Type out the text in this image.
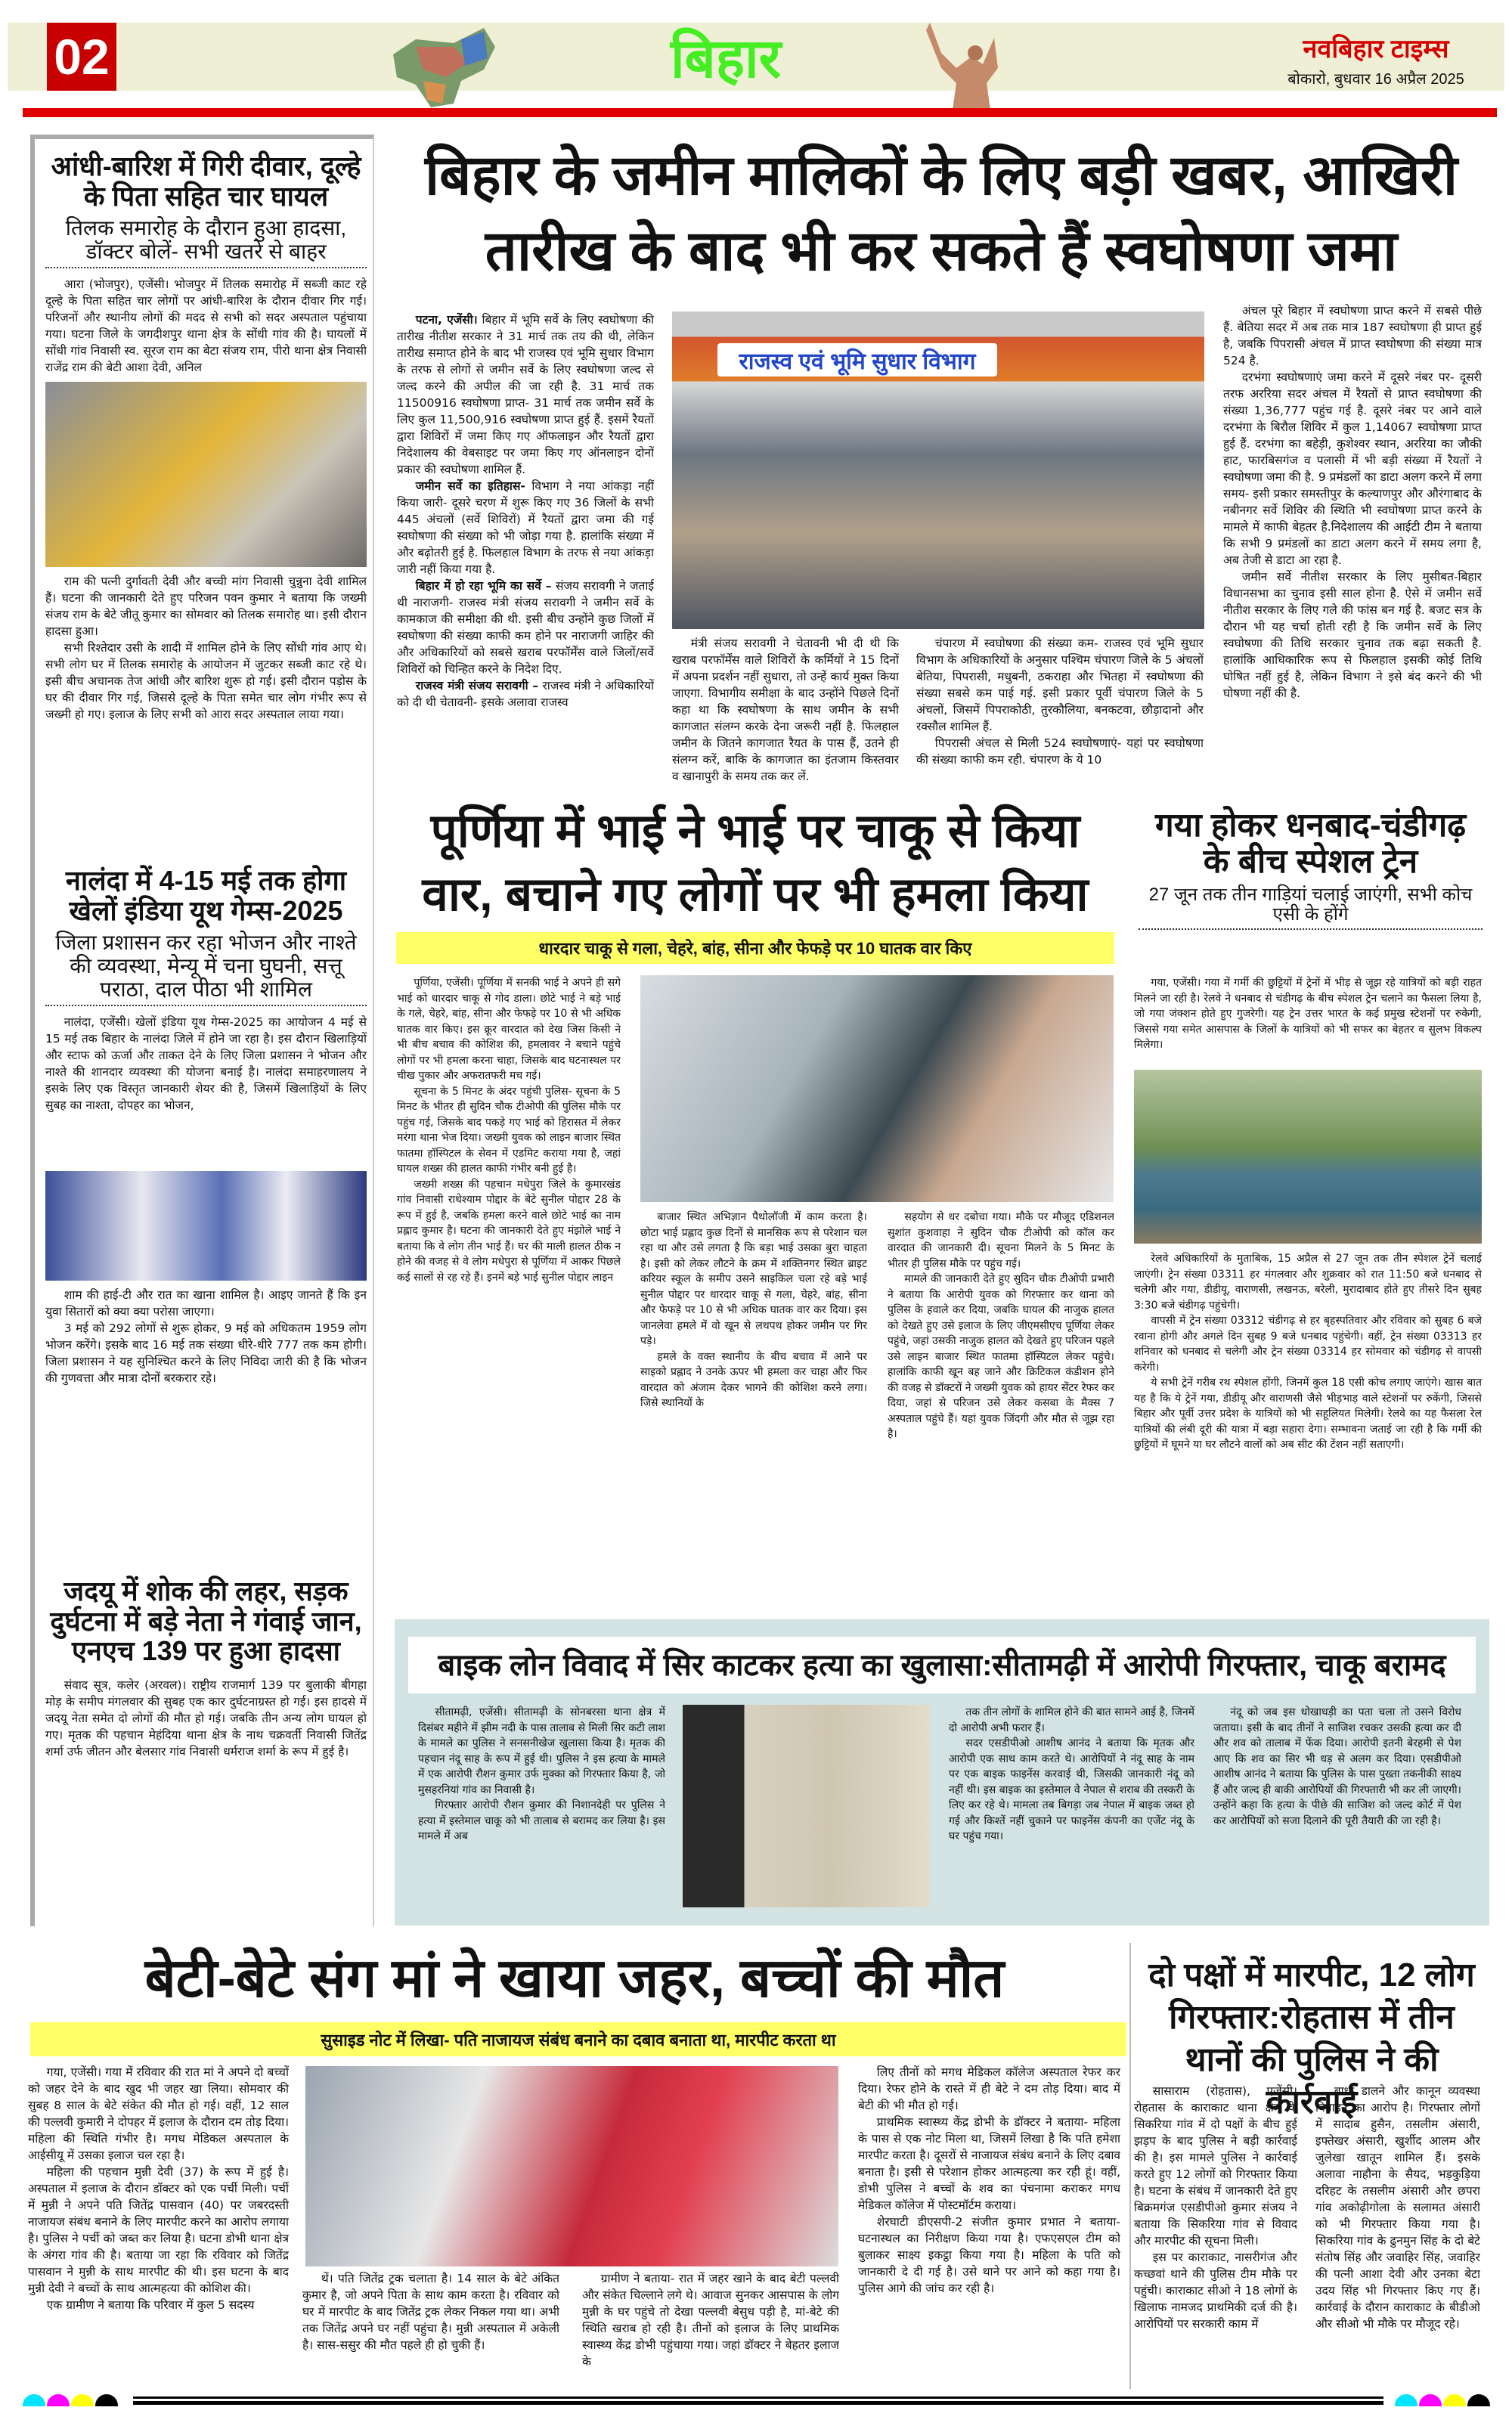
02	बिहार	नवबिहार टाइम्स
बोकारो, बुधवार 16 अप्रैल 2025
आंधी-बारिश में गिरी दीवार, दूल्हे के पिता सहित चार घायल
तिलक समारोह के दौरान हुआ हादसा, डॉक्टर बोलें- सभी खतरे से बाहर

आरा (भोजपुर), एजेंसी। भोजपुर में तिलक समारोह में सब्जी काट रहे दूल्हे के पिता सहित चार लोगों पर आंधी-बारिश के दौरान दीवार गिर गई। परिजनों और स्थानीय लोगों की मदद से सभी को सदर अस्पताल पहुंचाया गया। घटना जिले के जगदीशपुर थाना क्षेत्र के सोंधी गांव की है। घायलों में सोंधी गांव निवासी स्व. सूरज राम का बेटा संजय राम, पीरो थाना क्षेत्र निवासी राजेंद्र राम की बेटी आशा देवी, अनिल

राम की पत्नी दुर्गावती देवी और बच्ची मांग निवासी चुन्नुना देवी शामिल हैं। घटना की जानकारी देते हुए परिजन पवन कुमार ने बताया कि जख्मी संजय राम के बेटे जीतू कुमार का सोमवार को तिलक समारोह था। इसी दौरान हादसा हुआ।

सभी रिश्तेदार उसी के शादी में शामिल होने के लिए सोंधी गांव आए थे। सभी लोग घर में तिलक समारोह के आयोजन में जुटकर सब्जी काट रहे थे। इसी बीच अचानक तेज आंधी और बारिश शुरू हो गई। इसी दौरान पड़ोस के घर की दीवार गिर गई, जिससे दूल्हे के पिता समेत चार लोग गंभीर रूप से जख्मी हो गए। इलाज के लिए सभी को आरा सदर अस्पताल लाया गया।

नालंदा में 4-15 मई तक होगा खेलों इंडिया यूथ गेम्स-2025
जिला प्रशासन कर रहा भोजन और नाश्ते की व्यवस्था, मेन्यू में चना घुघनी, सत्तू पराठा, दाल पीठा भी शामिल

नालंदा, एजेंसी। खेलों इंडिया यूथ गेम्स-2025 का आयोजन 4 मई से 15 मई तक बिहार के नालंदा जिले में होने जा रहा है। इस दौरान खिलाड़ियों और स्टाफ को ऊर्जा और ताकत देने के लिए जिला प्रशासन ने भोजन और नाश्ते की शानदार व्यवस्था की योजना बनाई है। नालंदा समाहरणालय ने इसके लिए एक विस्तृत जानकारी शेयर की है, जिसमें खिलाड़ियों के लिए सुबह का नाश्ता, दोपहर का भोजन,

शाम की हाई-टी और रात का खाना शामिल है। आइए जानते हैं कि इन युवा सितारों को क्या क्या परोसा जाएगा।

3 मई को 292 लोगों से शुरू होकर, 9 मई को अधिकतम 1959 लोग भोजन करेंगे। इसके बाद 16 मई तक संख्या धीरे-धीरे 777 तक कम होगी। जिला प्रशासन ने यह सुनिश्चित करने के लिए निविदा जारी की है कि भोजन की गुणवत्ता और मात्रा दोनों बरकरार रहे।

जदयू में शोक की लहर, सड़क दुर्घटना में बड़े नेता ने गंवाई जान, एनएच 139 पर हुआ हादसा

संवाद सूत्र, कलेर (अरवल)। राष्ट्रीय राजमार्ग 139 पर बुलाकी बीगहा मोड़ के समीप मंगलवार की सुबह एक कार दुर्घटनाग्रस्त हो गई। इस हादसे में जदयू नेता समेत दो लोगों की मौत हो गई। जबकि तीन अन्य लोग घायल हो गए। मृतक की पहचान मेहंदिया थाना क्षेत्र के नाथ चक्रवर्ती निवासी जितेंद्र शर्मा उर्फ जीतन और बेलसार गांव निवासी धर्मराज शर्मा के रूप में हुई है।

बिहार के जमीन मालिकों के लिए बड़ी खबर, आखिरी तारीख के बाद भी कर सकते हैं स्वघोषणा जमा

पटना, एजेंसी। बिहार में भूमि सर्वे के लिए स्वघोषणा की तारीख नीतीश सरकार ने 31 मार्च तक तय की थी, लेकिन तारीख समाप्त होने के बाद भी राजस्व एवं भूमि सुधार विभाग के तरफ से लोगों से जमीन सर्वे के लिए स्वघोषणा जल्द से जल्द करने की अपील की जा रही है. 31 मार्च तक 11500916 स्वघोषणा प्राप्त- 31 मार्च तक जमीन सर्वे के लिए कुल 11,500,916 स्वघोषणा प्राप्त हुई हैं. इसमें रैयतों द्वारा शिविरों में जमा किए गए ऑफलाइन और रैयतों द्वारा निदेशालय की वेबसाइट पर जमा किए गए ऑनलाइन दोनों प्रकार की स्वघोषणा शामिल हैं.

जमीन सर्वे का इतिहास- विभाग ने नया आंकड़ा नहीं किया जारी- दूसरे चरण में शुरू किए गए 36 जिलों के सभी 445 अंचलों (सर्वे शिविरों) में रैयतों द्वारा जमा की गई स्वघोषणा की संख्या को भी जोड़ा गया है. हालांकि संख्या में और बढ़ोतरी हुई है. फिलहाल विभाग के तरफ से नया आंकड़ा जारी नहीं किया गया है.

बिहार में हो रहा भूमि का सर्वे – संजय सरावगी ने जताई थी नाराजगी- राजस्व मंत्री संजय सरावगी ने जमीन सर्वे के कामकाज की समीक्षा की थी. इसी बीच उन्होंने कुछ जिलों में स्वघोषणा की संख्या काफी कम होने पर नाराजगी जाहिर की और अधिकारियों को सबसे खराब परफॉर्मेंस वाले जिलों/सर्वे शिविरों को चिन्हित करने के निदेश दिए.

राजस्व मंत्री संजय सरावगी – राजस्व मंत्री ने अधिकारियों को दी थी चेतावनी- इसके अलावा राजस्व

राजस्व एवं भूमि सुधार विभाग

मंत्री संजय सरावगी ने चेतावनी भी दी थी कि खराब परफॉर्मेंस वाले शिविरों के कर्मियों ने 15 दिनों में अपना प्रदर्शन नहीं सुधारा, तो उन्हें कार्य मुक्त किया जाएगा. विभागीय समीक्षा के बाद उन्होंने पिछले दिनों कहा था कि स्वघोषणा के साथ जमीन के सभी कागजात संलग्न करके देना जरूरी नहीं है. फिलहाल जमीन के जितने कागजात रैयत के पास हैं, उतने ही संलग्न करें, बाकि के कागजात का इंतजाम किस्तवार व खानापुरी के समय तक कर लें.

चंपारण में स्वघोषणा की संख्या कम- राजस्व एवं भूमि सुधार विभाग के अधिकारियों के अनुसार पश्चिम चंपारण जिले के 5 अंचलों बेतिया, पिपरासी, मधुबनी, ठकराहा और भितहा में स्वघोषणा की संख्या सबसे कम पाई गई. इसी प्रकार पूर्वी चंपारण जिले के 5 अंचलों, जिसमें पिपराकोठी, तुरकौलिया, बनकटवा, छौड़ादानो और रक्सौल शामिल हैं.

पिपरासी अंचल से मिली 524 स्वघोषणाएं- यहां पर स्वघोषणा की संख्या काफी कम रही. चंपारण के ये 10

अंचल पूरे बिहार में स्वघोषणा प्राप्त करने में सबसे पीछे हैं. बेतिया सदर में अब तक मात्र 187 स्वघोषणा ही प्राप्त हुई है, जबकि पिपरासी अंचल में प्राप्त स्वघोषणा की संख्या मात्र 524 है.

दरभंगा स्वघोषणाएं जमा करने में दूसरे नंबर पर- दूसरी तरफ अररिया सदर अंचल में रैयतों से प्राप्त स्वघोषणा की संख्या 1,36,777 पहुंच गई है. दूसरे नंबर पर आने वाले दरभंगा के बिरौल शिविर में कुल 1,14067 स्वघोषणा प्राप्त हुई हैं. दरभंगा का बहेड़ी, कुशेश्वर स्थान, अररिया का जौकी हाट, फारबिसगंज व पलासी में भी बड़ी संख्या में रैयतों ने स्वघोषणा जमा की है. 9 प्रमंडलों का डाटा अलग करने में लगा समय- इसी प्रकार समस्तीपुर के कल्याणपुर और औरंगाबाद के नबीनगर सर्वे शिविर की स्थिति भी स्वघोषणा प्राप्त करने के मामले में काफी बेहतर है.निदेशालय की आईटी टीम ने बताया कि सभी 9 प्रमंडलों का डाटा अलग करने में समय लगा है, अब तेजी से डाटा आ रहा है.

जमीन सर्वे नीतीश सरकार के लिए मुसीबत-बिहार विधानसभा का चुनाव इसी साल होना है. ऐसे में जमीन सर्वे नीतीश सरकार के लिए गले की फांस बन गई है. बजट सत्र के दौरान भी यह चर्चा होती रही है कि जमीन सर्वे के लिए स्वघोषणा की तिथि सरकार चुनाव तक बढ़ा सकती है. हालांकि आधिकारिक रूप से फिलहाल इसकी कोई तिथि घोषित नहीं हुई है, लेकिन विभाग ने इसे बंद करने की भी घोषणा नहीं की है.

पूर्णिया में भाई ने भाई पर चाकू से किया वार, बचाने गए लोगों पर भी हमला किया
धारदार चाकू से गला, चेहरे, बांह, सीना और फेफड़े पर 10 घातक वार किए

पूर्णिया, एजेंसी। पूर्णिया में सनकी भाई ने अपने ही सगे भाई को धारदार चाकू से गोद डाला। छोटे भाई ने बड़े भाई के गले, चेहरे, बांह, सीना और फेफड़े पर 10 से भी अधिक घातक वार किए। इस क्रूर वारदात को देख जिस किसी ने भी बीच बचाव की कोशिश की, हमलावर ने बचाने पहुंचे लोगों पर भी हमला करना चाहा, जिसके बाद घटनास्थल पर चीख पुकार और अफरातफरी मच गई।

सूचना के 5 मिनट के अंदर पहुंची पुलिस- सूचना के 5 मिनट के भीतर ही सुदिन चौक टीओपी की पुलिस मौके पर पहुंच गई, जिसके बाद पकड़े गए भाई को हिरासत में लेकर मरंगा थाना भेज दिया। जख्मी युवक को लाइन बाजार स्थित फातमा हॉस्पिटल के सेवन में एडमिट कराया गया है, जहां घायल शख्स की हालत काफी गंभीर बनी हुई है।

जख्मी शख्स की पहचान मधेपुरा जिले के कुमारखंड गांव निवासी राधेश्याम पोद्दार के बेटे सुनील पोद्दार 28 के रूप में हुई है, जबकि हमला करने वाले छोटे भाई का नाम प्रह्लाद कुमार है। घटना की जानकारी देते हुए मंझोले भाई ने बताया कि वे लोग तीन भाई हैं। घर की माली हालत ठीक न होने की वजह से वे लोग मधेपुरा से पूर्णिया में आकर पिछले कई सालों से रह रहे हैं। इनमें बड़े भाई सुनील पोद्दार लाइन

बाजार स्थित अभिज्ञान पैथोलॉजी में काम करता है। छोटा भाई प्रह्लाद कुछ दिनों से मानसिक रूप से परेशान चल रहा था और उसे लगता है कि बड़ा भाई उसका बुरा चाहता है। इसी को लेकर लौटने के क्रम में शक्तिनगर स्थित ब्राइट करियर स्कूल के समीप उसने साइकिल चला रहे बड़े भाई सुनील पोद्दार पर धारदार चाकू से गला, चेहरे, बांह, सीना और फेफड़े पर 10 से भी अधिक घातक वार कर दिया। इस जानलेवा हमले में वो खून से लथपथ होकर जमीन पर गिर पड़े।

हमले के वक्त स्थानीय के बीच बचाव में आने पर साइको प्रह्लाद ने उनके ऊपर भी हमला कर चाहा और फिर वारदात को अंजाम देकर भागने की कोशिश करने लगा। जिसे स्थानियों के

सहयोग से धर दबोचा गया। मौके पर मौजूद एडिशनल सुशांत कुशवाहा ने सुदिन चौक टीओपी को कॉल कर वारदात की जानकारी दी। सूचना मिलने के 5 मिनट के भीतर ही पुलिस मौके पर पहुंच गई।

मामले की जानकारी देते हुए सुदिन चौक टीओपी प्रभारी ने बताया कि आरोपी युवक को गिरफ्तार कर थाना को पुलिस के हवाले कर दिया, जबकि घायल की नाजुक हालत को देखते हुए उसे इलाज के लिए जीएमसीएच पूर्णिया लेकर पहुंचे, जहां उसकी नाजुक हालत को देखते हुए परिजन पहले उसे लाइन बाजार स्थित फातमा हॉस्पिटल लेकर पहुंचे। हालांकि काफी खून बह जाने और क्रिटिकल कंडीशन होने की वजह से डॉक्टरों ने जख्मी युवक को हायर सेंटर रेफर कर दिया, जहां से परिजन उसे लेकर कसबा के मैक्स 7 अस्पताल पहुंचे हैं। यहां युवक जिंदगी और मौत से जूझ रहा है।

गया होकर धनबाद-चंडीगढ़ के बीच स्पेशल ट्रेन
27 जून तक तीन गाड़ियां चलाई जाएंगी, सभी कोच एसी के होंगे

गया, एजेंसी। गया में गर्मी की छुट्टियों में ट्रेनों में भीड़ से जूझ रहे यात्रियों को बड़ी राहत मिलने जा रही है। रेलवे ने धनबाद से चंडीगढ़ के बीच स्पेशल ट्रेन चलाने का फैसला लिया है, जो गया जंक्शन होते हुए गुजरेगी। यह ट्रेन उत्तर भारत के कई प्रमुख स्टेशनों पर रुकेगी, जिससे गया समेत आसपास के जिलों के यात्रियों को भी सफर का बेहतर व सुलभ विकल्प मिलेगा।

रेलवे अधिकारियों के मुताबिक, 15 अप्रैल से 27 जून तक तीन स्पेशल ट्रेनें चलाई जाएंगी। ट्रेन संख्या 03311 हर मंगलवार और शुक्रवार को रात 11:50 बजे धनबाद से चलेगी और गया, डीडीयू, वाराणसी, लखनऊ, बरेली, मुरादाबाद होते हुए तीसरे दिन सुबह 3:30 बजे चंडीगढ़ पहुंचेगी।

वापसी में ट्रेन संख्या 03312 चंडीगढ़ से हर बृहस्पतिवार और रविवार को सुबह 6 बजे रवाना होगी और अगले दिन सुबह 9 बजे धनबाद पहुंचेगी। वहीं, ट्रेन संख्या 03313 हर शनिवार को धनबाद से चलेगी और ट्रेन संख्या 03314 हर सोमवार को चंडीगढ़ से वापसी करेगी।

ये सभी ट्रेनें गरीब रथ स्पेशल होंगी, जिनमें कुल 18 एसी कोच लगाए जाएंगे। खास बात यह है कि ये ट्रेनें गया, डीडीयू और वाराणसी जैसे भीड़भाड़ वाले स्टेशनों पर रुकेंगी, जिससे बिहार और पूर्वी उत्तर प्रदेश के यात्रियों को भी सहूलियत मिलेगी। रेलवे का यह फैसला रेल यात्रियों की लंबी दूरी की यात्रा में बड़ा सहारा देगा। सम्भावना जताई जा रही है कि गर्मी की छुट्टियों में घूमने या घर लौटने वालों को अब सीट की टेंशन नहीं सताएगी।

बाइक लोन विवाद में सिर काटकर हत्या का खुलासा:सीतामढ़ी में आरोपी गिरफ्तार, चाकू बरामद

सीतामढ़ी, एजेंसी। सीतामढ़ी के सोनबरसा थाना क्षेत्र में दिसंबर महीने में झीम नदी के पास तालाब से मिली सिर कटी लाश के मामले का पुलिस ने सनसनीखेज खुलासा किया है। मृतक की पहचान नंदू साह के रूप में हुई थी। पुलिस ने इस हत्या के मामले में एक आरोपी रौशन कुमार उर्फ मुक्का को गिरफ्तार किया है, जो मुसहरनियां गांव का निवासी है।

गिरफ्तार आरोपी रौशन कुमार की निशानदेही पर पुलिस ने हत्या में इस्तेमाल चाकू को भी तालाब से बरामद कर लिया है। इस मामले में अब

तक तीन लोगों के शामिल होने की बात सामने आई है, जिनमें दो आरोपी अभी फरार हैं।

सदर एसडीपीओ आशीष आनंद ने बताया कि मृतक और आरोपी एक साथ काम करते थे। आरोपियों ने नंदू साह के नाम पर एक बाइक फाइनेंस करवाई थी, जिसकी जानकारी नंदू को नहीं थी। इस बाइक का इस्तेमाल वे नेपाल से शराब की तस्करी के लिए कर रहे थे। मामला तब बिगड़ा जब नेपाल में बाइक जब्त हो गई और किश्तें नहीं चुकाने पर फाइनेंस कंपनी का एजेंट नंदू के घर पहुंच गया।

नंदू को जब इस धोखाधड़ी का पता चला तो उसने विरोध जताया। इसी के बाद तीनों ने साजिश रचकर उसकी हत्या कर दी और शव को तालाब में फेंक दिया। आरोपी इतनी बेरहमी से पेश आए कि शव का सिर भी धड़ से अलग कर दिया। एसडीपीओ आशीष आनंद ने बताया कि पुलिस के पास पुख्ता तकनीकी साक्ष्य हैं और जल्द ही बाकी आरोपियों की गिरफ्तारी भी कर ली जाएगी। उन्होंने कहा कि हत्या के पीछे की साजिश को जल्द कोर्ट में पेश कर आरोपियों को सजा दिलाने की पूरी तैयारी की जा रही है।

बेटी-बेटे संग मां ने खाया जहर, बच्चों की मौत
सुसाइड नोट में लिखा- पति नाजायज संबंध बनाने का दबाव बनाता था, मारपीट करता था

गया, एजेंसी। गया में रविवार की रात मां ने अपने दो बच्चों को जहर देने के बाद खुद भी जहर खा लिया। सोमवार की सुबह 8 साल के बेटे संकेत की मौत हो गई। वहीं, 12 साल की पल्लवी कुमारी ने दोपहर में इलाज के दौरान दम तोड़ दिया। महिला की स्थिति गंभीर है। मगध मेडिकल अस्पताल के आईसीयू में उसका इलाज चल रहा है।

महिला की पहचान मुन्नी देवी (37) के रूप में हुई है। अस्पताल में इलाज के दौरान डॉक्टर को एक पर्ची मिली। पर्ची में मुन्नी ने अपने पति जितेंद्र पासवान (40) पर जबरदस्ती नाजायज संबंध बनाने के लिए मारपीट करने का आरोप लगाया है। पुलिस ने पर्ची को जब्त कर लिया है। घटना डोभी थाना क्षेत्र के अंगरा गांव की है। बताया जा रहा कि रविवार को जितेंद्र पासवान ने मुन्नी के साथ मारपीट की थी। इस घटना के बाद मुन्नी देवी ने बच्चों के साथ आत्महत्या की कोशिश की।

एक ग्रामीण ने बताया कि परिवार में कुल 5 सदस्य

थें। पति जितेंद्र ट्रक चलाता है। 14 साल के बेटे अंकित कुमार है, जो अपने पिता के साथ काम करता है। रविवार को घर में मारपीट के बाद जितेंद्र ट्रक लेकर निकल गया था। अभी तक जितेंद्र अपने घर नहीं पहुंचा है। मुन्नी अस्पताल में अकेली है। सास-ससुर की मौत पहले ही हो चुकी हैं।

ग्रामीण ने बताया- रात में जहर खाने के बाद बेटी पल्लवी और संकेत चिल्लाने लगे थे। आवाज सुनकर आसपास के लोग मुन्नी के घर पहुंचे तो देखा पल्लवी बेसुध पड़ी है, मां-बेटे की स्थिति खराब हो रही है। तीनों को इलाज के लिए प्राथमिक स्वास्थ्य केंद्र डोभी पहुंचाया गया। जहां डॉक्टर ने बेहतर इलाज के

लिए तीनों को मगध मेडिकल कॉलेज अस्पताल रेफर कर दिया। रेफर होने के रास्ते में ही बेटे ने दम तोड़ दिया। बाद में बेटी की भी मौत हो गई।

प्राथमिक स्वास्थ्य केंद्र डोभी के डॉक्टर ने बताया- महिला के पास से एक नोट मिला था, जिसमें लिखा है कि पति हमेशा मारपीट करता है। दूसरों से नाजायज संबंध बनाने के लिए दबाव बनाता है। इसी से परेशान होकर आत्महत्या कर रही हूं। वहीं, डोभी पुलिस ने बच्चों के शव का पंचनामा कराकर मगध मेडिकल कॉलेज में पोस्टमॉर्टम कराया।

शेरघाटी डीएसपी-2 संजीत कुमार प्रभात ने बताया- घटनास्थल का निरीक्षण किया गया है। एफएसएल टीम को बुलाकर साक्ष्य इकट्ठा किया गया है। महिला के पति को जानकारी दे दी गई है। उसे थाने पर आने को कहा गया है। पुलिस आगे की जांच कर रही है।

दो पक्षों में मारपीट, 12 लोग गिरफ्तार:रोहतास में तीन थानों की पुलिस ने की कार्रवाई

सासाराम (रोहतास), एजेंसी। रोहतास के काराकाट थाना क्षेत्र के सिकरिया गांव में दो पक्षों के बीच हुई झड़प के बाद पुलिस ने बड़ी कार्रवाई की है। इस मामले पुलिस ने कार्रवाई करते हुए 12 लोगों को गिरफ्तार किया है। घटना के संबंध में जानकारी देते हुए बिक्रमगंज एसडीपीओ कुमार संजय ने बताया कि सिकरिया गांव से विवाद और मारपीट की सूचना मिली।

इस पर काराकाट, नासरीगंज और कच्छवां थाने की पुलिस टीम मौके पर पहुंची। काराकाट सीओ ने 18 लोगों के खिलाफ नामजद प्राथमिकी दर्ज की है। आरोपियों पर सरकारी काम में

बाधा डालने और कानून व्यवस्था बिगाड़ने का आरोप है। गिरफ्तार लोगों में सादाब हुसैन, तसलीम अंसारी, इफ्तेखर अंसारी, खुर्शीद आलम और जुलेखा खातून शामिल हैं। इसके अलावा नाहौना के सैयद, भड़कुड़िया दरिहट के तसलीम अंसारी और छपरा गांव अकोढ़ीगोला के सलामत अंसारी को भी गिरफ्तार किया गया है। सिकरिया गांव के ढुनमुन सिंह के दो बेटे संतोष सिंह और जवाहिर सिंह, जवाहिर की पत्नी आशा देवी और उनका बेटा उदय सिंह भी गिरफ्तार किए गए हैं। कार्रवाई के दौरान काराकाट के बीडीओ और सीओ भी मौके पर मौजूद रहे।
